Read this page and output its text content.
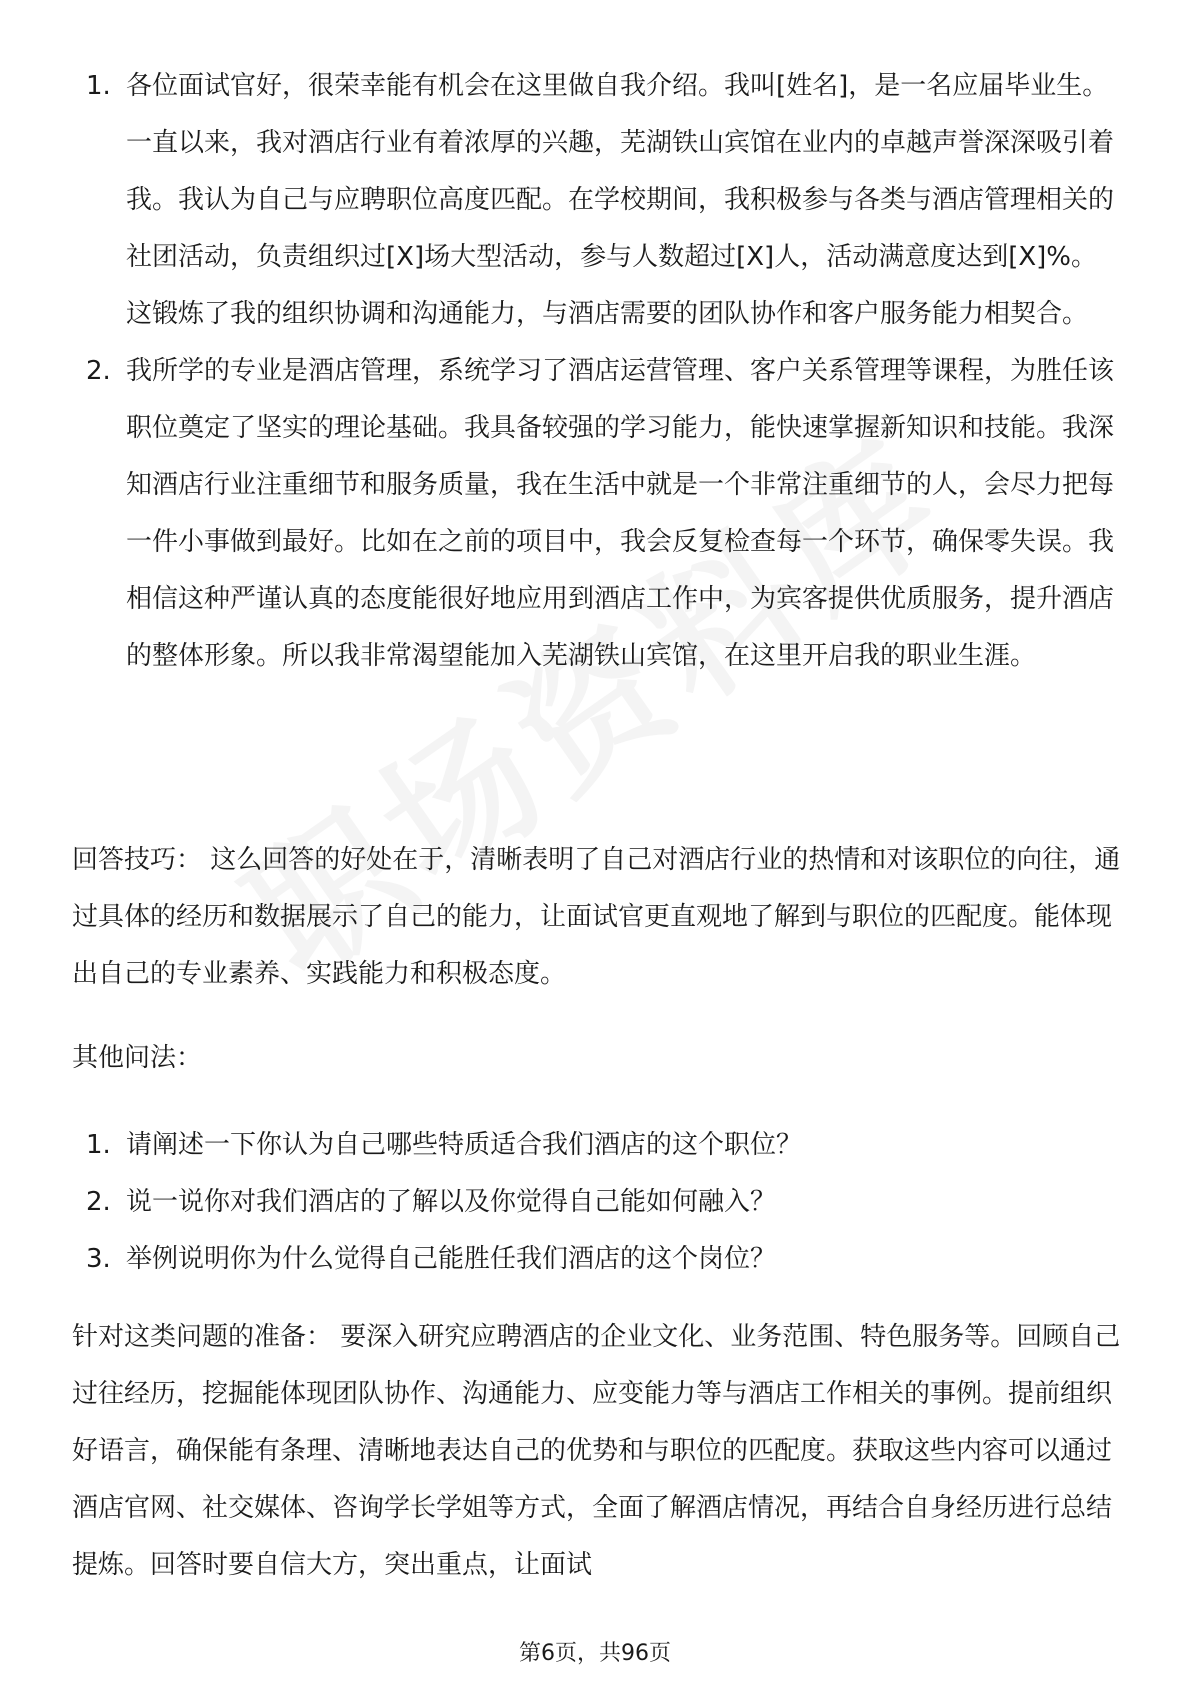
1. 各位面试官好，很荣幸能有机会在这里做自我介绍。我叫[姓名]，是一名应届毕业生。一直以来，我对酒店行业有着浓厚的兴趣，芜湖铁山宾馆在业内的卓越声誉深深吸引着我。我认为自己与应聘职位高度匹配。在学校期间，我积极参与各类与酒店管理相关的社团活动，负责组织过[X]场大型活动，参与人数超过[X]人，活动满意度达到[X]%。这锻炼了我的组织协调和沟通能力，与酒店需要的团队协作和客户服务能力相契合。
2. 我所学的专业是酒店管理，系统学习了酒店运营管理、客户关系管理等课程，为胜任该职位奠定了坚实的理论基础。我具备较强的学习能力，能快速掌握新知识和技能。我深知酒店行业注重细节和服务质量，我在生活中就是一个非常注重细节的人，会尽力把每一件小事做到最好。比如在之前的项目中，我会反复检查每一个环节，确保零失误。我相信这种严谨认真的态度能很好地应用到酒店工作中，为宾客提供优质服务，提升酒店的整体形象。所以我非常渴望能加入芜湖铁山宾馆，在这里开启我的职业生涯。

回答技巧： 这么回答的好处在于，清晰表明了自己对酒店行业的热情和对该职位的向往，通过具体的经历和数据展示了自己的能力，让面试官更直观地了解到与职位的匹配度。能体现出自己的专业素养、实践能力和积极态度。

其他问法：

1. 请阐述一下你认为自己哪些特质适合我们酒店的这个职位？
2. 说一说你对我们酒店的了解以及你觉得自己能如何融入？
3. 举例说明你为什么觉得自己能胜任我们酒店的这个岗位？

针对这类问题的准备： 要深入研究应聘酒店的企业文化、业务范围、特色服务等。回顾自己过往经历，挖掘能体现团队协作、沟通能力、应变能力等与酒店工作相关的事例。提前组织好语言，确保能有条理、清晰地表达自己的优势和与职位的匹配度。获取这些内容可以通过酒店官网、社交媒体、咨询学长学姐等方式，全面了解酒店情况，再结合自身经历进行总结提炼。回答时要自信大方，突出重点，让面试

第6页，共96页
